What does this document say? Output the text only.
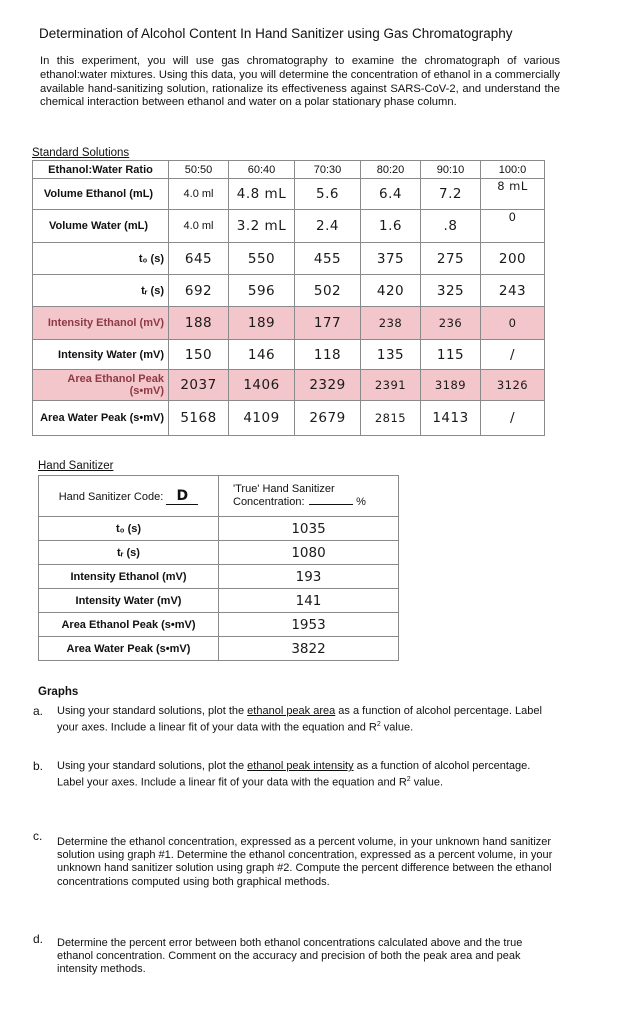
Determination of Alcohol Content In Hand Sanitizer using Gas Chromatography
In this experiment, you will use gas chromatography to examine the chromatograph of various ethanol:water mixtures. Using this data, you will determine the concentration of ethanol in a commercially available hand-sanitizing solution, rationalize its effectiveness against SARS-CoV-2, and understand the chemical interaction between ethanol and water on a polar stationary phase column.
Standard Solutions
Ethanol:Water Ratio	50:50	60:40	70:30	80:20	90:10	100:0
Volume Ethanol (mL)	4.0 ml	4.8 mL	5.6	6.4	7.2	8 mL
Volume Water (mL)	4.0 ml	3.2 mL	2.4	1.6	.8	0
t₀ (s)	645	550	455	375	275	200
tᵣ (s)	692	596	502	420	325	243
Intensity Ethanol (mV)	188	189	177	238	236	0
Intensity Water (mV)	150	146	118	135	115	/
Area Ethanol Peak (s•mV)	2037	1406	2329	2391	3189	3126
Area Water Peak (s•mV)	5168	4109	2679	2815	1413	/
Hand Sanitizer
Hand Sanitizer Code: D	'True' Hand Sanitizer Concentration: %

t₀ (s)	1035
tᵣ (s)	1080
Intensity Ethanol (mV)	193
Intensity Water (mV)	141
Area Ethanol Peak (s•mV)	1953
Area Water Peak (s•mV)	3822
Graphs
a. Using your standard solutions, plot the ethanol peak area as a function of alcohol percentage. Label your axes. Include a linear fit of your data with the equation and $R^2$ value.
b. Using your standard solutions, plot the ethanol peak intensity as a function of alcohol percentage. Label your axes. Include a linear fit of your data with the equation and $R^2$ value.
c. Determine the ethanol concentration, expressed as a percent volume, in your unknown hand sanitizer solution using graph #1. Determine the ethanol concentration, expressed as a percent volume, in your unknown hand sanitizer solution using graph #2. Compute the percent difference between the ethanol concentrations computed using both graphical methods.
d. Determine the percent error between both ethanol concentrations calculated above and the true ethanol concentration. Comment on the accuracy and precision of both the peak area and peak intensity methods.
